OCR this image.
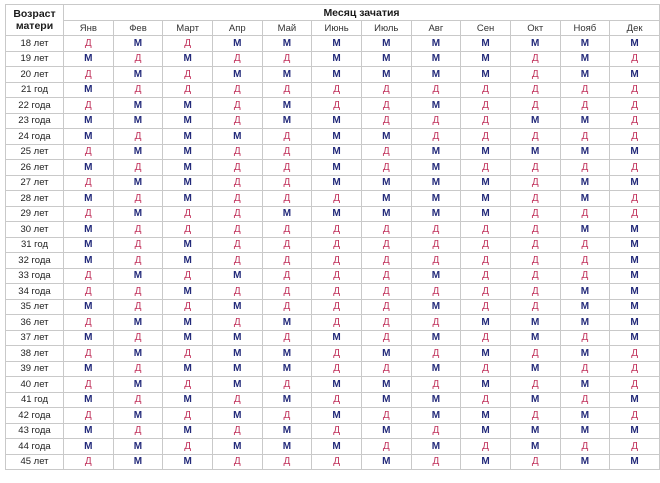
Возраст
матери	Месяц зачатия											
	Янв	Фев	Март	Апр	Май	Июнь	Июль	Авг	Сен	Окт	Нояб	Дек
18 лет	Д	М	Д	М	М	М	М	М	М	М	М	М
19 лет	М	Д	М	Д	Д	М	М	М	М	Д	М	Д
20 лет	Д	М	Д	М	М	М	М	М	М	Д	М	М
21 год	М	Д	Д	Д	Д	Д	Д	Д	Д	Д	Д	Д
22 года	Д	М	М	Д	М	Д	Д	М	Д	Д	Д	Д
23 года	М	М	М	Д	М	М	Д	Д	Д	М	М	Д
24 года	М	Д	М	М	Д	М	М	Д	Д	Д	Д	Д
25 лет	Д	М	М	Д	Д	М	Д	М	М	М	М	М
26 лет	М	Д	М	Д	Д	М	Д	М	Д	Д	Д	Д
27 лет	Д	М	М	Д	Д	М	М	М	М	Д	М	М
28 лет	М	Д	М	Д	Д	Д	М	М	М	Д	М	Д
29 лет	Д	М	Д	Д	М	М	М	М	М	Д	Д	Д
30 лет	М	Д	Д	Д	Д	Д	Д	Д	Д	Д	М	М
31 год	М	Д	М	Д	Д	Д	Д	Д	Д	Д	Д	М
32 года	М	Д	М	Д	Д	Д	Д	Д	Д	Д	Д	М
33 года	Д	М	Д	М	Д	Д	Д	М	Д	Д	Д	М
34 года	Д	Д	М	Д	Д	Д	Д	Д	Д	Д	М	М
35 лет	М	Д	Д	М	Д	Д	Д	М	Д	Д	М	М
36 лет	Д	М	М	Д	М	Д	Д	Д	М	М	М	М
37 лет	М	Д	М	М	Д	М	Д	М	Д	М	Д	М
38 лет	Д	М	Д	М	М	Д	М	Д	М	Д	М	Д
39 лет	М	Д	М	М	М	Д	Д	М	Д	М	Д	Д
40 лет	Д	М	Д	М	Д	М	М	Д	М	Д	М	Д
41 год	М	Д	М	Д	М	Д	М	М	Д	М	Д	М
42 года	Д	М	Д	М	Д	М	Д	М	М	Д	М	Д
43 года	М	Д	М	Д	М	Д	М	Д	М	М	М	М
44 года	М	М	Д	М	М	М	Д	М	Д	М	Д	Д
45 лет	Д	М	М	Д	Д	Д	М	Д	М	Д	М	М
